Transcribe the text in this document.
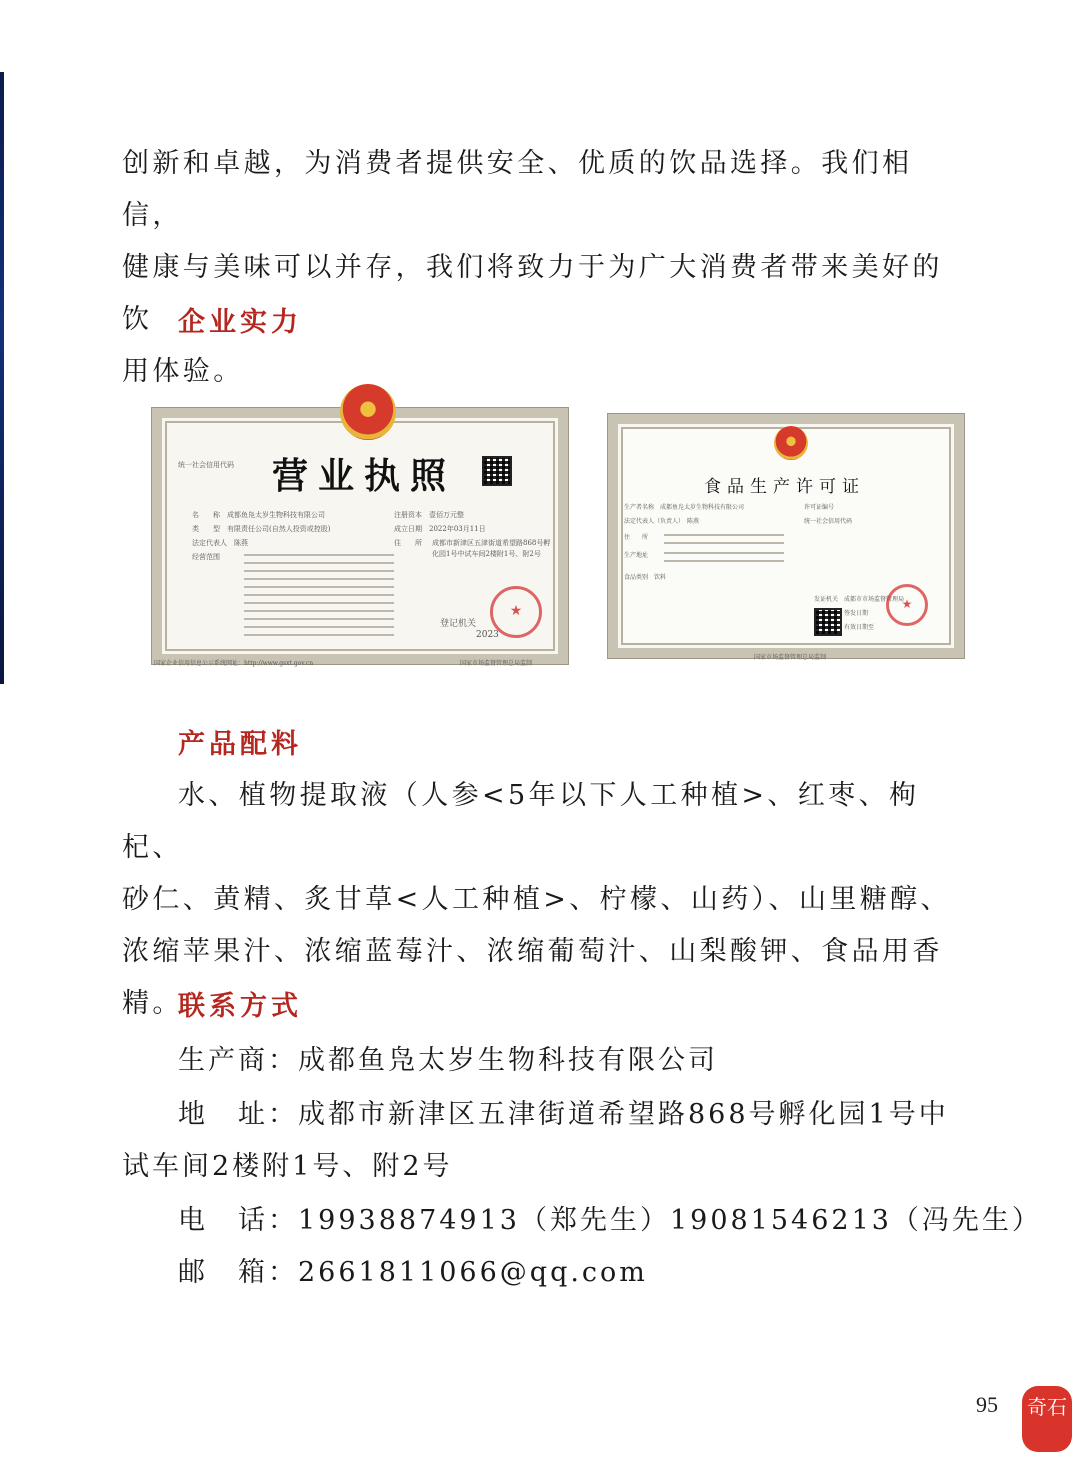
创新和卓越，为消费者提供安全、优质的饮品选择。我们相信，
健康与美味可以并存，我们将致力于为广大消费者带来美好的饮
用体验。

企业实力
统一社会信用代码 营业执照
名　　称　 成都鱼凫太岁生物科技有限公司
类　　型　 有限责任公司(自然人投资或控股)
法定代表人　 陈燕
经营范围
注册资本　 壹佰万元整
成立日期　 2022年03月11日
住　　所 成都市新津区五津街道希望路868号孵化园1号中试车间2楼附1号、附2号
登记机关
2023
★
国家企业信用信息公示系统网址：http://www.gsxt.gov.cn	国家市场监督管理总局监制
食品生产许可证
生产者名称　 成都鱼凫太岁生物科技有限公司
法定代表人（负责人）　 陈燕
住　　所
生产地址
食品类别　 饮料
许可证编号
统一社会信用代码
发证机关　 成都市市场监督管理局
签发日期
有效日期至
★
国家市场监督管理总局监制
产品配料

水、植物提取液（人参<5年以下人工种植>、红枣、枸杞、
砂仁、黄精、炙甘草<人工种植>、柠檬、山药）、山里糖醇、
浓缩苹果汁、浓缩蓝莓汁、浓缩葡萄汁、山梨酸钾、食品用香精。

联系方式

生产商：成都鱼凫太岁生物科技有限公司

地　址：成都市新津区五津街道希望路868号孵化园1号中

试车间2楼附1号、附2号

电　话：19938874913（郑先生）19081546213（冯先生）

邮　箱：2661811066@qq.com

95 奇石
